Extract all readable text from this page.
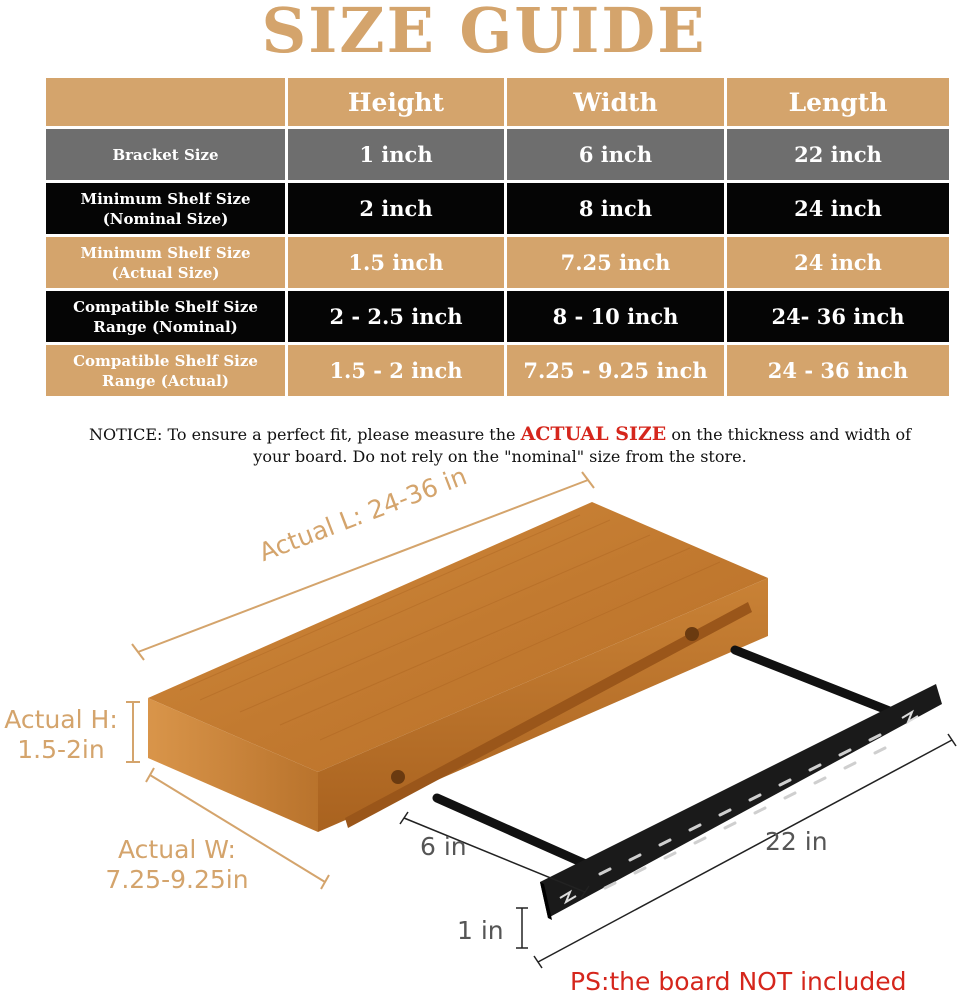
SIZE GUIDE
	Height	Width	Length
Bracket Size	1 inch	6 inch	22 inch
Minimum Shelf Size
(Nominal Size)	2 inch	8 inch	24 inch
Minimum Shelf Size
(Actual Size)	1.5 inch	7.25 inch	24 inch
Compatible Shelf Size
Range (Nominal)	2 - 2.5 inch	8 - 10 inch	24- 36 inch
Compatible Shelf Size
Range (Actual)	1.5 - 2 inch	7.25 - 9.25 inch	24 - 36 inch
NOTICE: To ensure a perfect fit, please measure the ACTUAL SIZE on the thickness and width of
your board. Do not rely on the "nominal" size from the store.
Actual L: 24-36 in
Actual H:
1.5-2in
Actual W:
7.25-9.25in
6 in	22 in
1 in
PS:the board NOT included
